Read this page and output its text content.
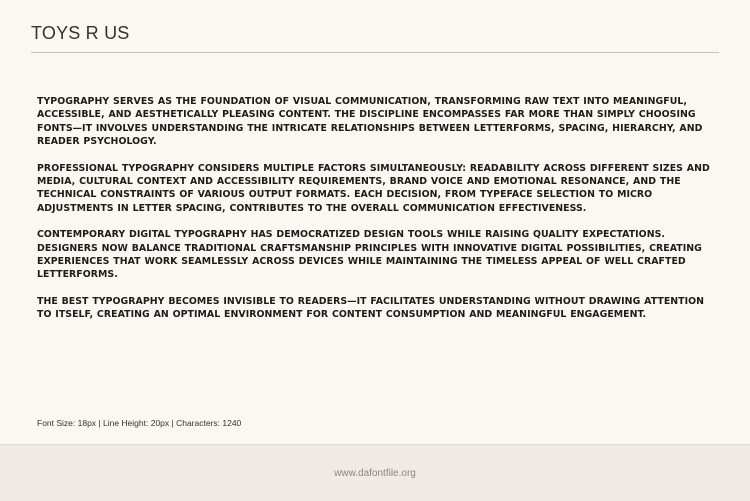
TOYS R US

TYPOGRAPHY SERVES AS THE FOUNDATION OF VISUAL COMMUNICATION, TRANSFORMING RAW TEXT INTO MEANINGFUL, ACCESSIBLE, AND AESTHETICALLY PLEASING CONTENT. THE DISCIPLINE ENCOMPASSES FAR MORE THAN SIMPLY CHOOSING FONTS—IT INVOLVES UNDERSTANDING THE INTRICATE RELATIONSHIPS BETWEEN LETTERFORMS, SPACING, HIERARCHY, AND READER PSYCHOLOGY.

PROFESSIONAL TYPOGRAPHY CONSIDERS MULTIPLE FACTORS SIMULTANEOUSLY: READABILITY ACROSS DIFFERENT SIZES AND MEDIA, CULTURAL CONTEXT AND ACCESSIBILITY REQUIREMENTS, BRAND VOICE AND EMOTIONAL RESONANCE, AND THE TECHNICAL CONSTRAINTS OF VARIOUS OUTPUT FORMATS. EACH DECISION, FROM TYPEFACE SELECTION TO MICRO ADJUSTMENTS IN LETTER SPACING, CONTRIBUTES TO THE OVERALL COMMUNICATION EFFECTIVENESS.

CONTEMPORARY DIGITAL TYPOGRAPHY HAS DEMOCRATIZED DESIGN TOOLS WHILE RAISING QUALITY EXPECTATIONS. DESIGNERS NOW BALANCE TRADITIONAL CRAFTSMANSHIP PRINCIPLES WITH INNOVATIVE DIGITAL POSSIBILITIES, CREATING EXPERIENCES THAT WORK SEAMLESSLY ACROSS DEVICES WHILE MAINTAINING THE TIMELESS APPEAL OF WELL CRAFTED LETTERFORMS.

THE BEST TYPOGRAPHY BECOMES INVISIBLE TO READERS—IT FACILITATES UNDERSTANDING WITHOUT DRAWING ATTENTION TO ITSELF, CREATING AN OPTIMAL ENVIRONMENT FOR CONTENT CONSUMPTION AND MEANINGFUL ENGAGEMENT.

Font Size: 18px | Line Height: 20px | Characters: 1240
www.dafontfile.org
